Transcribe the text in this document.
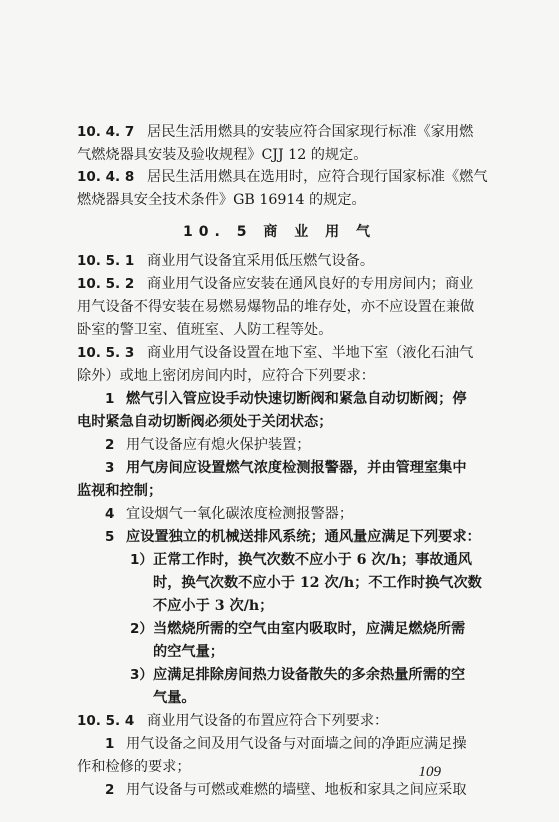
10. 4. 7 居民生活用燃具的安装应符合国家现行标准《家用燃
气燃烧器具安装及验收规程》CJJ 12 的规定。
10. 4. 8 居民生活用燃具在选用时，应符合现行国家标准《燃气
燃烧器具安全技术条件》GB 16914 的规定。
10. 5 商 业 用 气
10. 5. 1 商业用气设备宜采用低压燃气设备。
10. 5. 2 商业用气设备应安装在通风良好的专用房间内；商业
用气设备不得安装在易燃易爆物品的堆存处，亦不应设置在兼做
卧室的警卫室、值班室、人防工程等处。
10. 5. 3 商业用气设备设置在地下室、半地下室（液化石油气
除外）或地上密闭房间内时，应符合下列要求：
1 燃气引入管应设手动快速切断阀和紧急自动切断阀；停
电时紧急自动切断阀必须处于关闭状态；
2 用气设备应有熄火保护装置；
3 用气房间应设置燃气浓度检测报警器，并由管理室集中
监视和控制；
4 宜设烟气一氧化碳浓度检测报警器；
5 应设置独立的机械送排风系统；通风量应满足下列要求：
1） 正常工作时，换气次数不应小于 6 次/h；事故通风
时，换气次数不应小于 12 次/h；不工作时换气次数
不应小于 3 次/h；
2） 当燃烧所需的空气由室内吸取时，应满足燃烧所需
的空气量；
3） 应满足排除房间热力设备散失的多余热量所需的空
气量。
10. 5. 4 商业用气设备的布置应符合下列要求：
1 用气设备之间及用气设备与对面墙之间的净距应满足操
作和检修的要求；
2 用气设备与可燃或难燃的墙壁、地板和家具之间应采取
109
